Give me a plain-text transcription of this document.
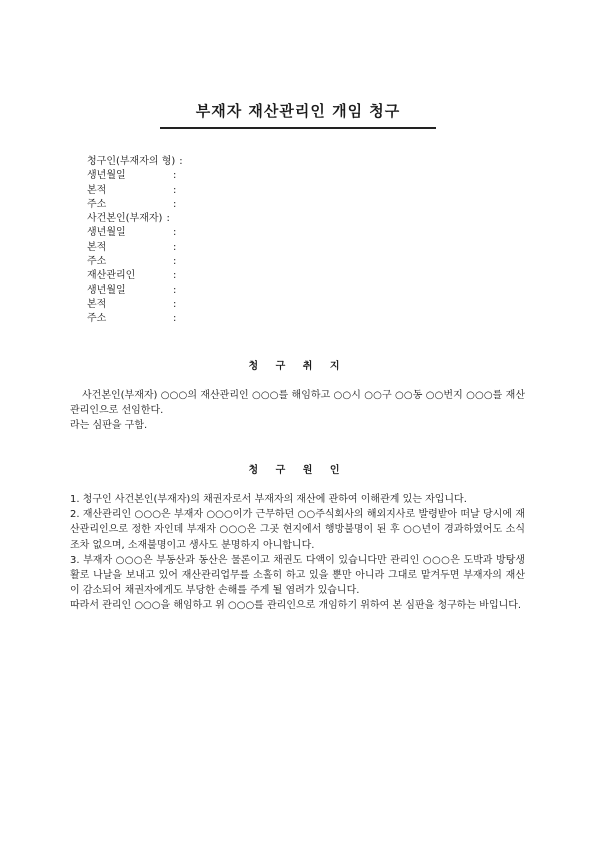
부재자 재산관리인 개임 청구
청구인(부재자의 형) :
생년월일	:
본적	:
주소	:
사건본인(부재자) :
생년월일	:
본적	:
주소	:
재산관리인	:
생년월일	:
본적	:
주소	:
청 구 취 지

사건본인(부재자) ○○○의 재산관리인 ○○○를 해임하고 ○○시 ○○구 ○○동 ○○번지 ○○○를 재산관리인으로 선임한다.

라는 심판을 구함.

청 구 원 인

1. 청구인 사건본인(부재자)의 채권자로서 부재자의 재산에 관하여 이해관계 있는 자입니다.

2. 재산관리인 ○○○은 부재자 ○○○이가 근무하던 ○○주식회사의 해외지사로 발령받아 떠날 당시에 재산관리인으로 정한 자인데 부재자 ○○○은 그곳 현지에서 행방불명이 된 후 ○○년이 경과하였어도 소식조차 없으며, 소재불명이고 생사도 분명하지 아니합니다.

3. 부재자 ○○○은 부동산과 동산은 물론이고 채권도 다액이 있습니다만 관리인 ○○○은 도박과 방탕생활로 나날을 보내고 있어 재산관리업무를 소홀히 하고 있을 뿐만 아니라 그대로 맡겨두면 부재자의 재산이 감소되어 채권자에게도 부당한 손해를 주게 될 염려가 있습니다.

따라서 관리인 ○○○을 해임하고 위 ○○○를 관리인으로 개임하기 위하여 본 심판을 청구하는 바입니다.
